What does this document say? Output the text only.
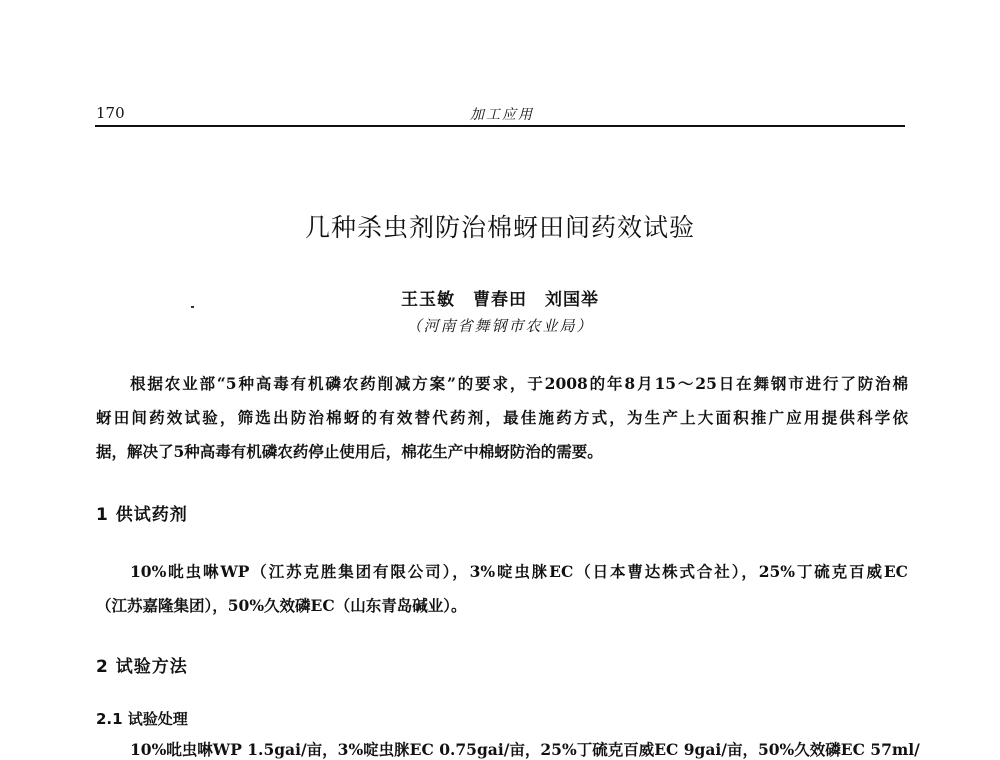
170	加工应用
几种杀虫剂防治棉蚜田间药效试验
王玉敏　曹春田　刘国举
（河南省舞钢市农业局）
根据农业部“5种高毒有机磷农药削减方案”的要求，于2008的年8月15～25日在舞钢市进行了防治棉
蚜田间药效试验，筛选出防治棉蚜的有效替代药剂，最佳施药方式，为生产上大面积推广应用提供科学依
据，解决了5种高毒有机磷农药停止使用后，棉花生产中棉蚜防治的需要。
1 供试药剂
10%吡虫啉WP（江苏克胜集团有限公司），3%啶虫脒EC（日本曹达株式合社），25%丁硫克百威EC
（江苏嘉隆集团），50%久效磷EC（山东青岛碱业）。
2 试验方法
2.1 试验处理
10%吡虫啉WP 1.5gai/亩，3%啶虫脒EC 0.75gai/亩，25%丁硫克百威EC 9gai/亩，50%久效磷EC 57ml/
